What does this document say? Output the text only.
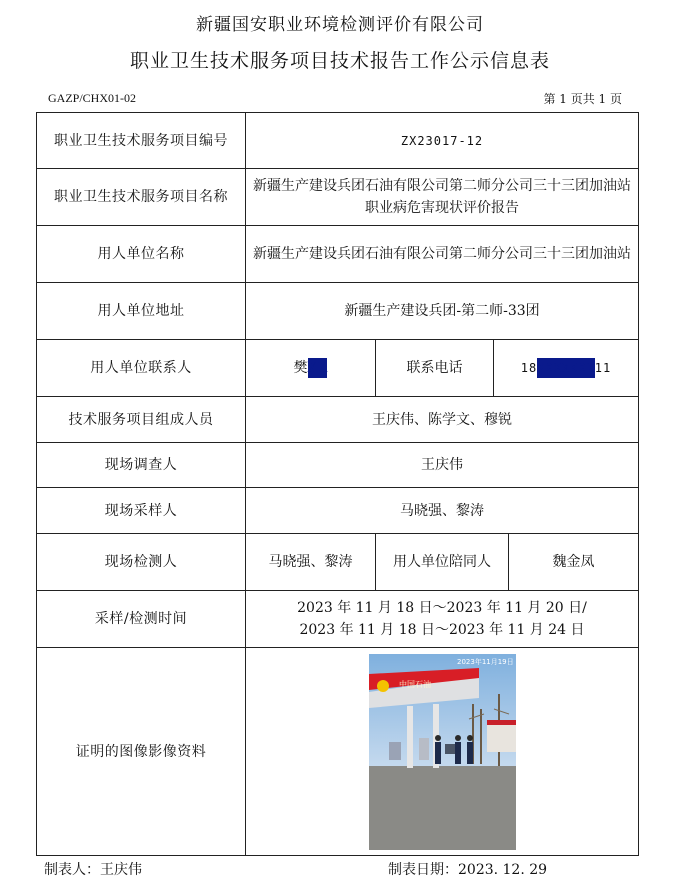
新疆国安职业环境检测评价有限公司
职业卫生技术服务项目技术报告工作公示信息表
GAZP/CHX01-02	第 1 页共 1 页
职业卫生技术服务项目编号	ZX23017-12			
职业卫生技术服务项目名称	新疆生产建设兵团石油有限公司第二师分公司三十三团加油站职业病危害现状评价报告			
用人单位名称	新疆生产建设兵团石油有限公司第二师分公司三十三团加油站			
用人单位地址	新疆生产建设兵团-第二师-33团			
用人单位联系人	樊XX	联系电话	18XXXXXXX11	
技术服务项目组成人员	王庆伟、陈学文、穆锐			
现场调查人	王庆伟			
现场采样人	马晓强、黎涛			
现场检测人	马晓强、黎涛	用人单位陪同人		魏金凤
采样/检测时间	2023 年 11 月 18 日～2023 年 11 月 20 日/
2023 年 11 月 18 日～2023 年 11 月 24 日			

证明的图像影像资料	中国石油
2023年11月19日			
制表人：王庆伟	制表日期：2023. 12. 29
